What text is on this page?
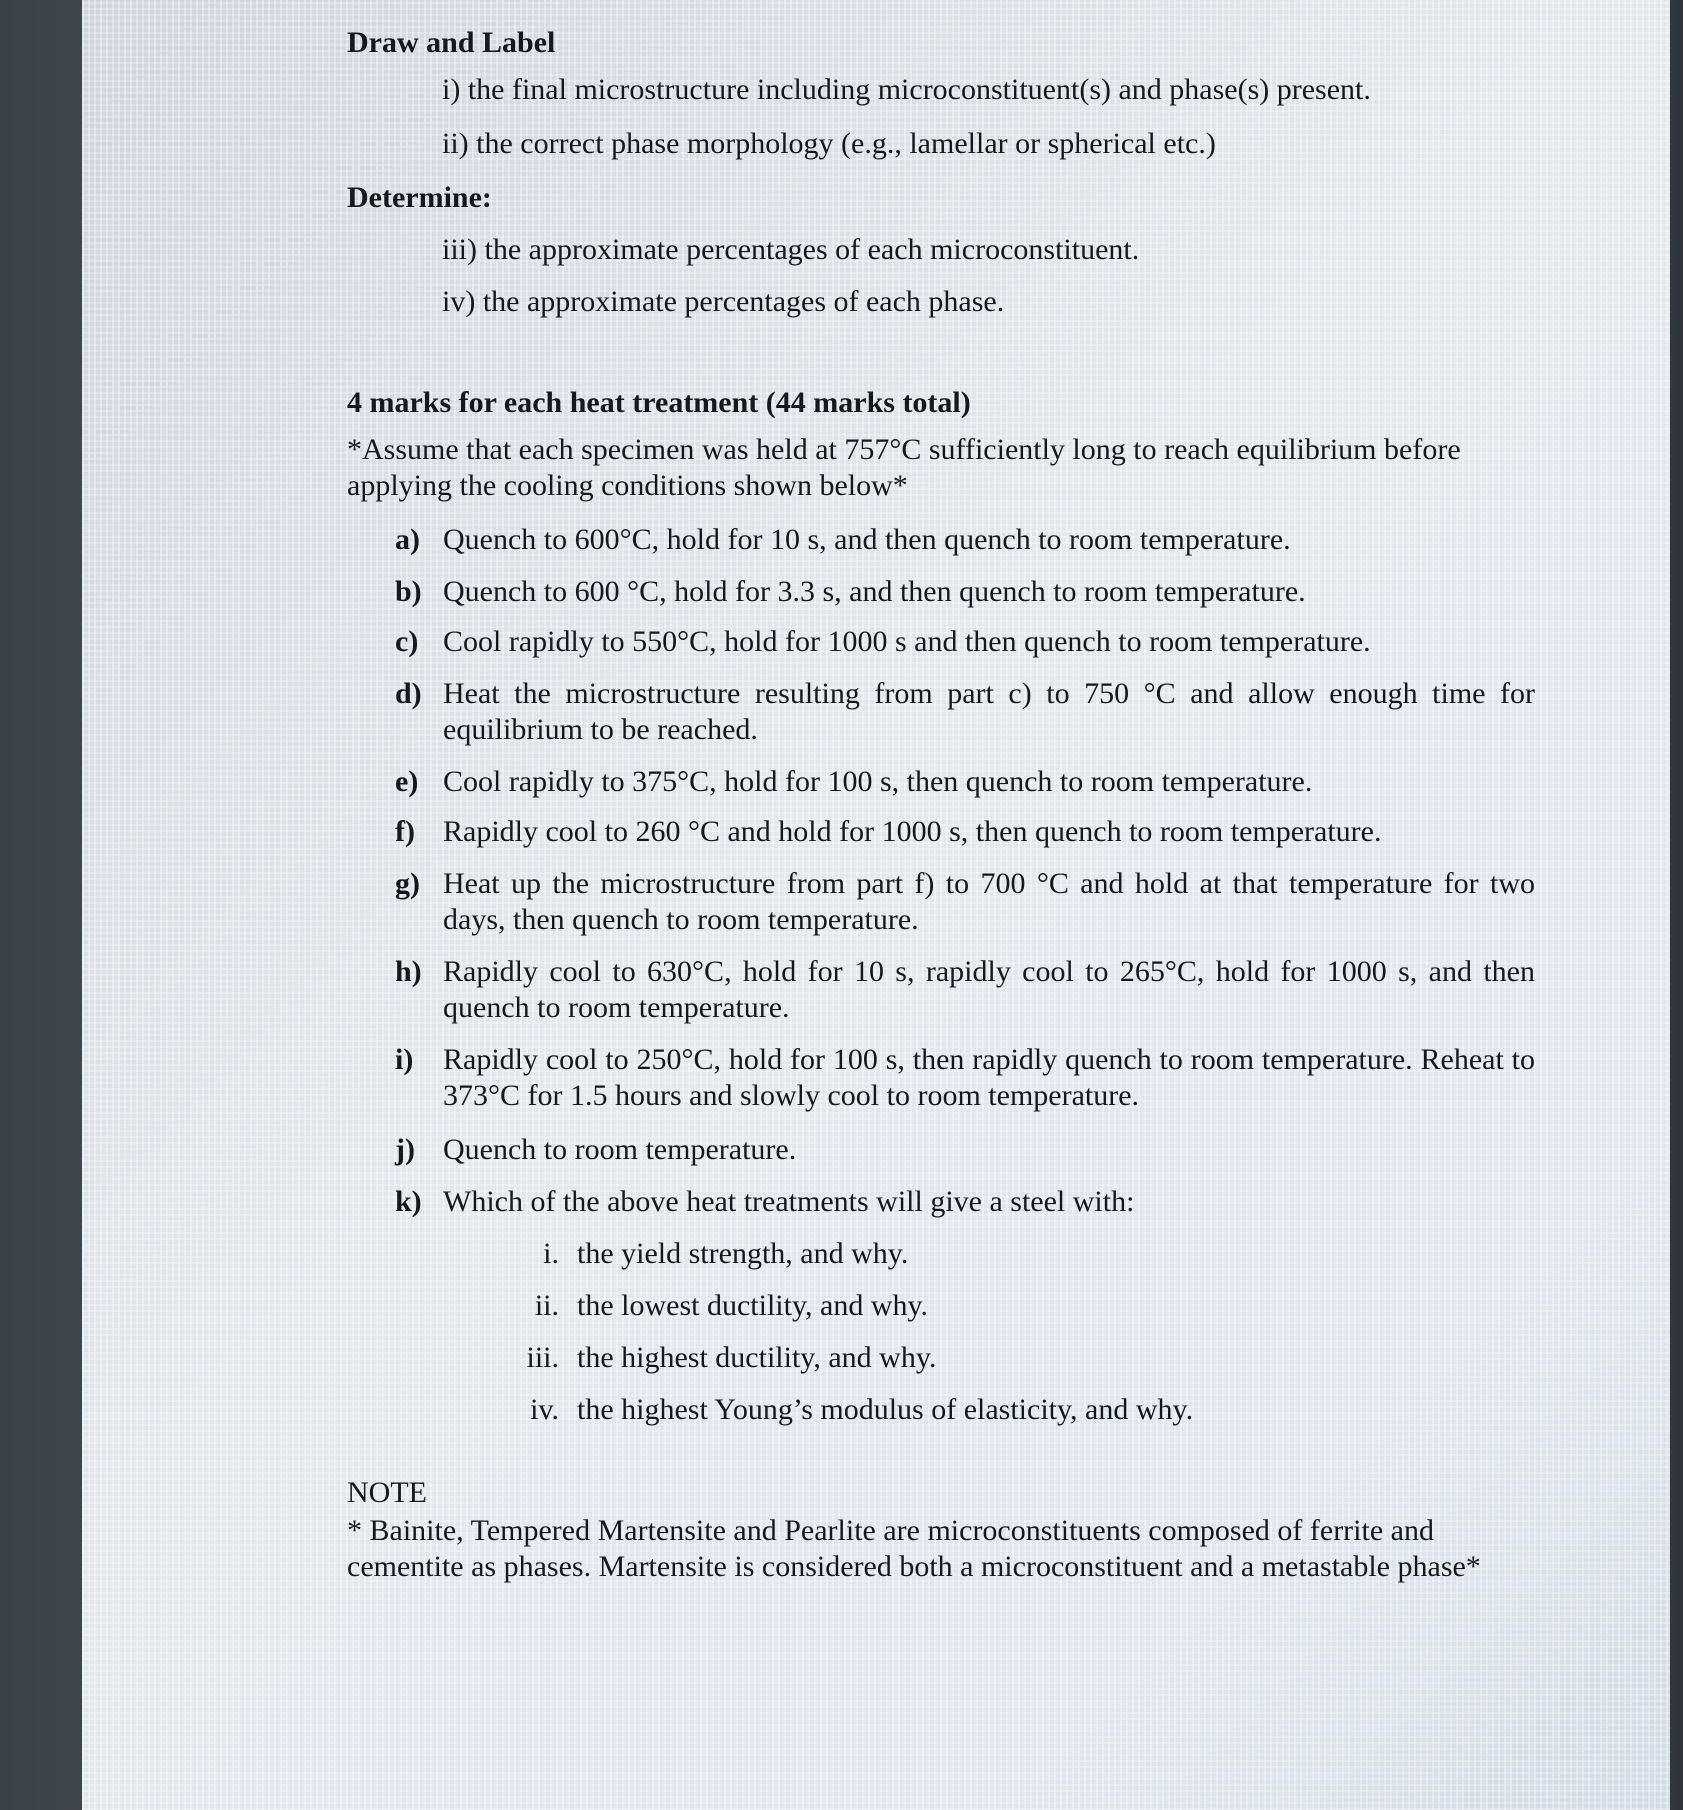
Draw and Label

i) the final microstructure including microconstituent(s) and phase(s) present.

ii) the correct phase morphology (e.g., lamellar or spherical etc.)

Determine:

iii) the approximate percentages of each microconstituent.

iv) the approximate percentages of each phase.

4 marks for each heat treatment (44 marks total)

*Assume that each specimen was held at 757°C sufficiently long to reach equilibrium before applying the cooling conditions shown below*

a) Quench to 600°C, hold for 10 s, and then quench to room temperature.

b) Quench to 600 °C, hold for 3.3 s, and then quench to room temperature.

c) Cool rapidly to 550°C, hold for 1000 s and then quench to room temperature.

d) Heat the microstructure resulting from part c) to 750 °C and allow enough time for equilibrium to be reached.

e) Cool rapidly to 375°C, hold for 100 s, then quench to room temperature.

f) Rapidly cool to 260 °C and hold for 1000 s, then quench to room temperature.

g) Heat up the microstructure from part f) to 700 °C and hold at that temperature for two days, then quench to room temperature.

h) Rapidly cool to 630°C, hold for 10 s, rapidly cool to 265°C, hold for 1000 s, and then quench to room temperature.

i) Rapidly cool to 250°C, hold for 100 s, then rapidly quench to room temperature. Reheat to 373°C for 1.5 hours and slowly cool to room temperature.

j) Quench to room temperature.

k) Which of the above heat treatments will give a steel with:

i. the yield strength, and why.
ii. the lowest ductility, and why.
iii. the highest ductility, and why.
iv. the highest Young’s modulus of elasticity, and why.

NOTE

* Bainite, Tempered Martensite and Pearlite are microconstituents composed of ferrite and cementite as phases. Martensite is considered both a microconstituent and a metastable phase*
